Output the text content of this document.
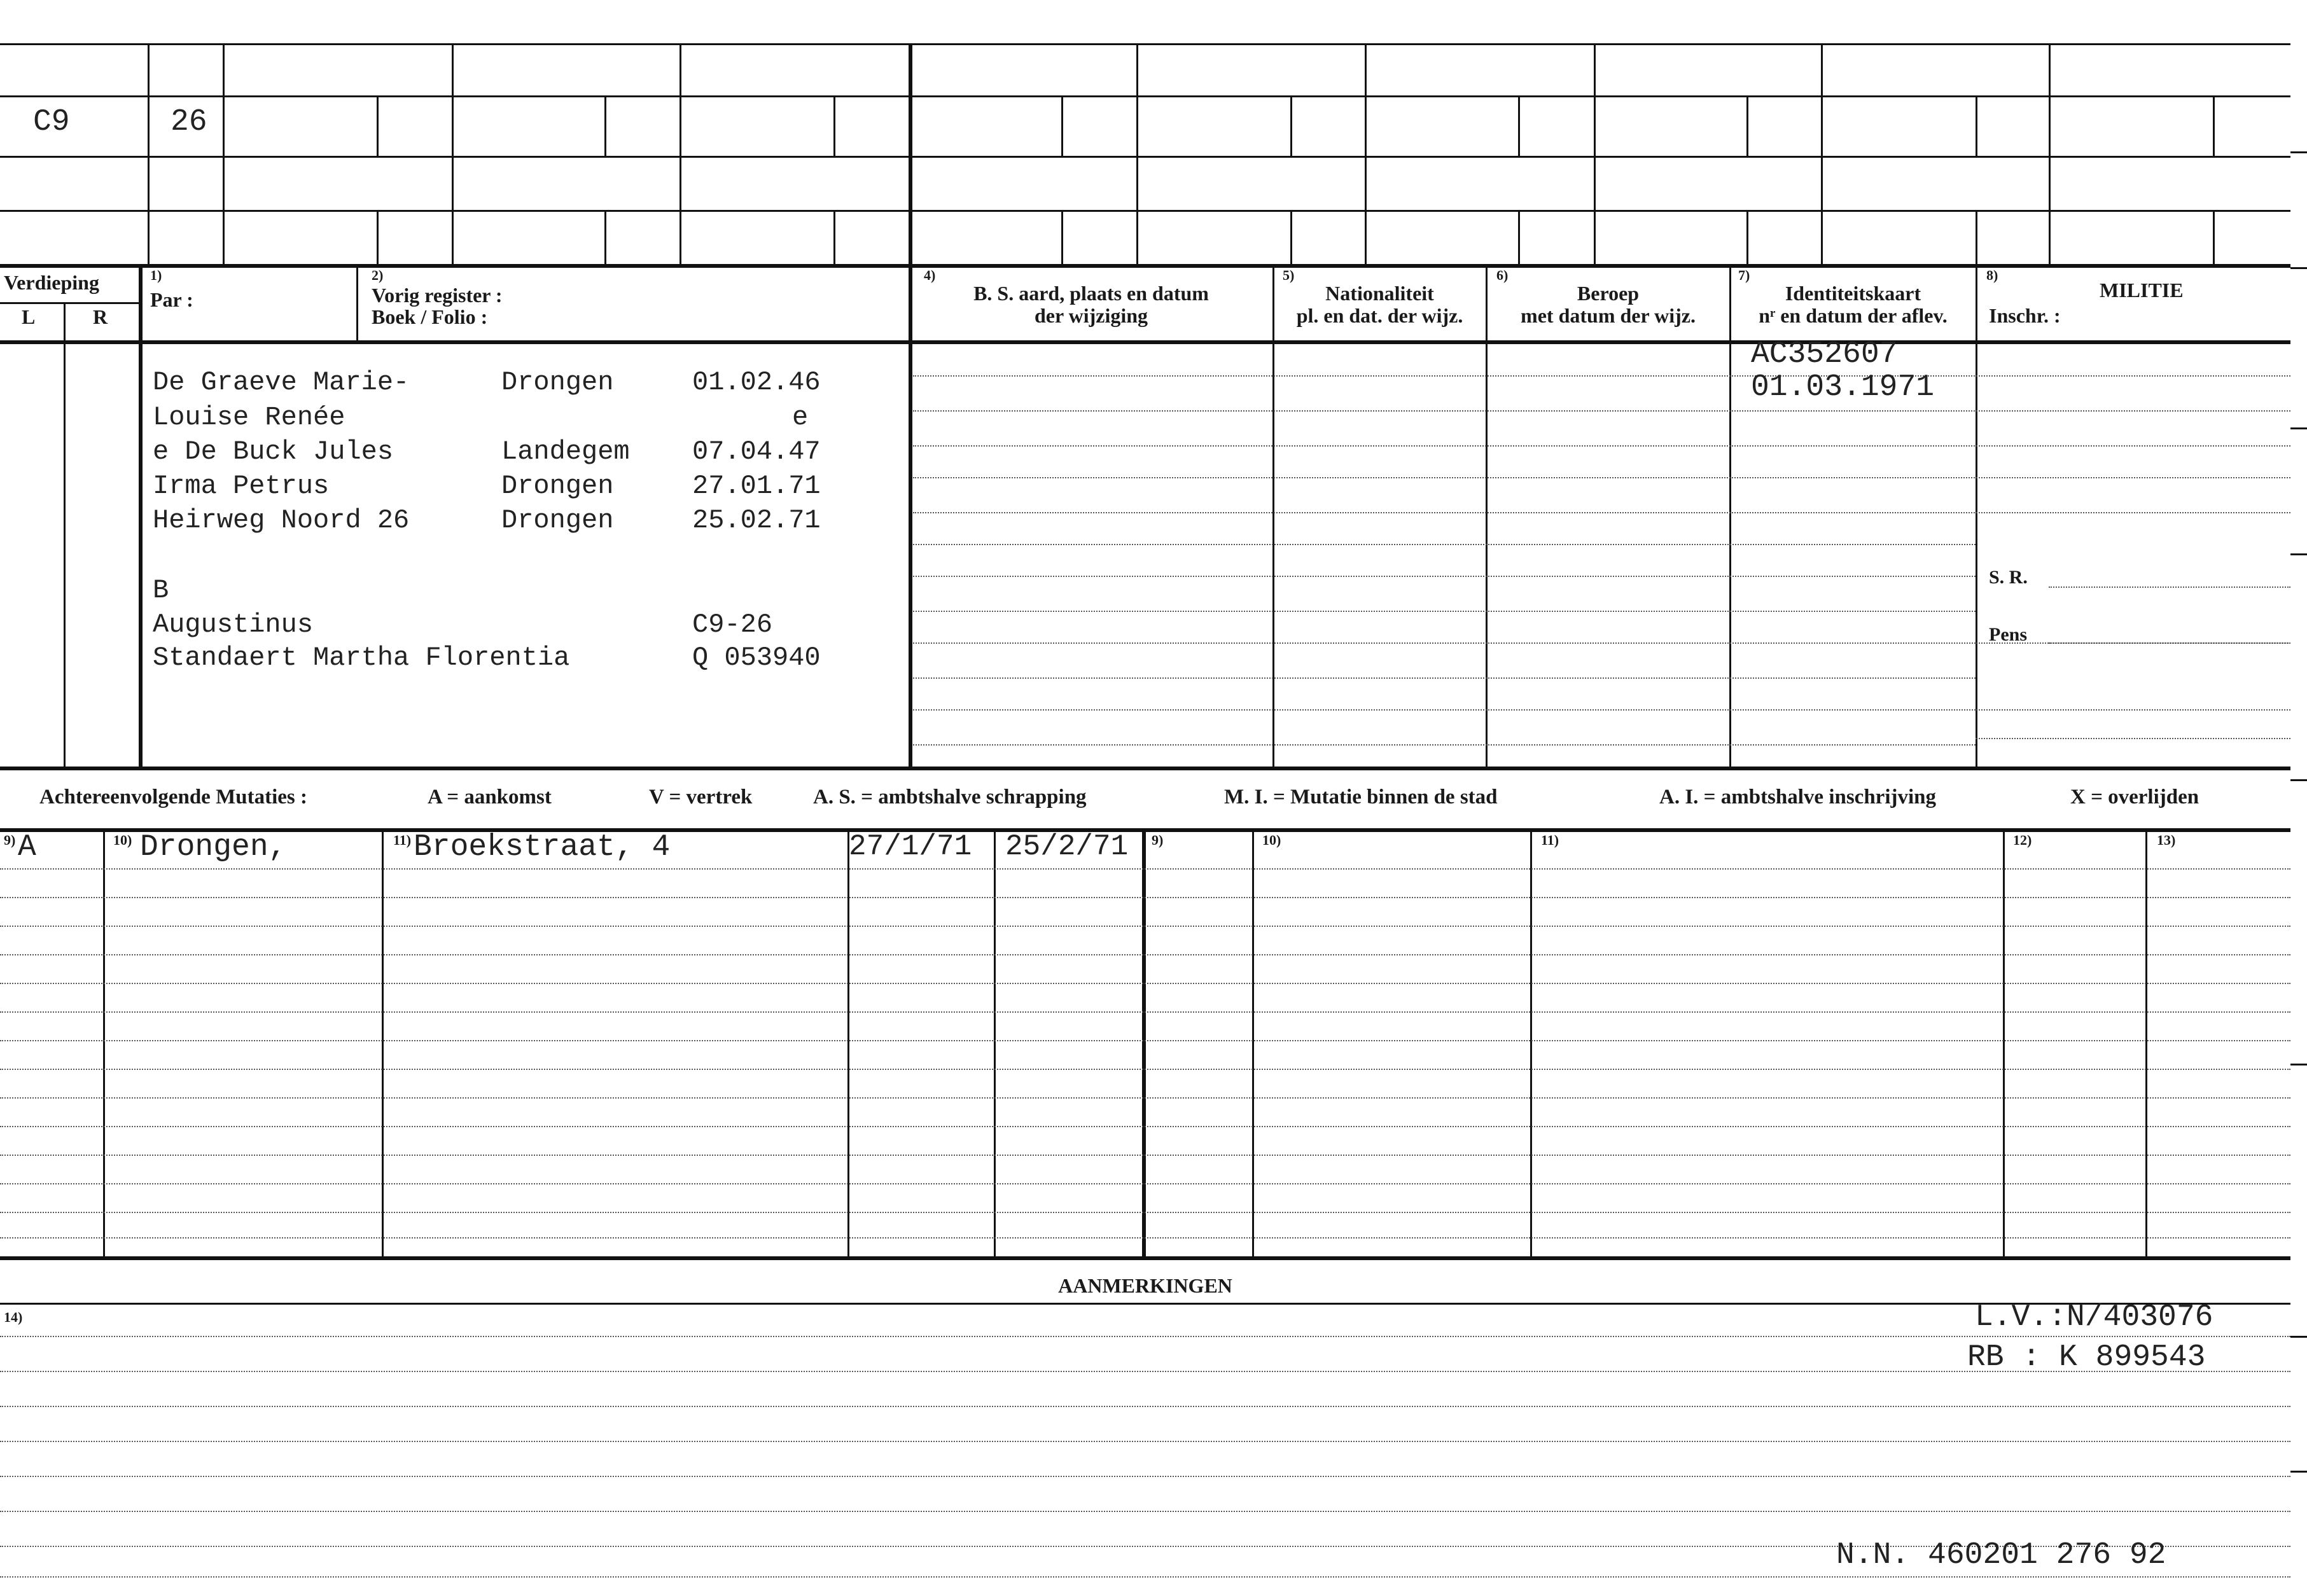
C9	26
Verdieping
L	R
1)
Par :
2)
Vorig register :
Boek / Folio :
4)
B. S. aard, plaats en datum
der wijziging
5)
Nationaliteit
pl. en dat. der wijz.
6)
Beroep
met datum der wijz.
7)
Identiteitskaart
nʳ en datum der aflev.
8)
MILITIE
Inschr. :
S. R.
Pens
De Graeve Marie-	Drongen	01.02.46
Louise Renée	e
e De Buck Jules	Landegem 07.04.47
Irma Petrus	Drongen	27.01.71
Heirweg Noord 26	Drongen	25.02.71
B
Augustinus	C9-26
Standaert Martha Florentia	Q 053940
AC352607
01.03.1971
Achtereenvolgende Mutaties :	A = aankomst	V = vertrek	A. S. = ambtshalve schrapping	M. I. = Mutatie binnen de stad	A. I. = ambtshalve inschrijving	X = overlijden
9)	10)	11)	9)	10)	11)	12)	13)
A	Drongen,	Broekstraat, 4	27/1/71 25/2/71
AANMERKINGEN
14)	L.V.:N/403076
RB : K 899543
N.N. 460201 276 92
